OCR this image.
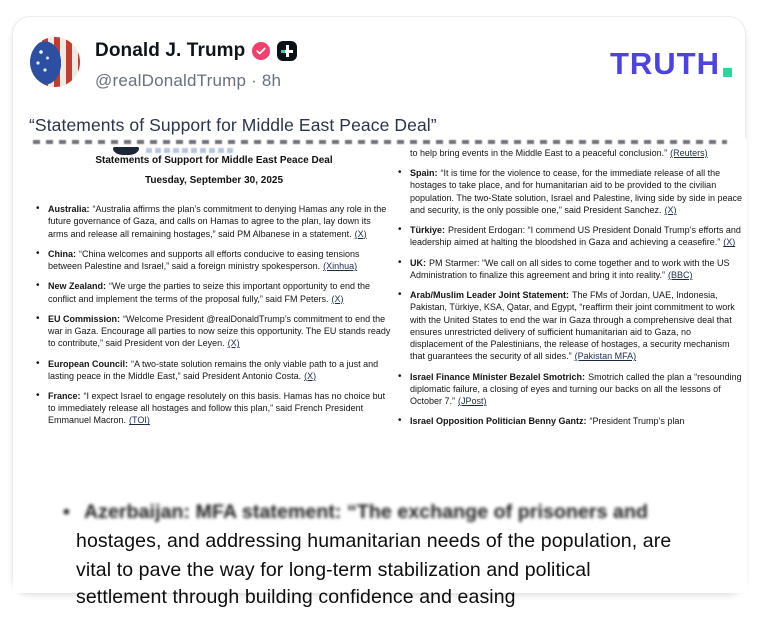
Donald J. Trump
@realDonaldTrump · 8h	TRUTH
“Statements of Support for Middle East Peace Deal”
Statements of Support for Middle East Peace Deal
Tuesday, September 30, 2025
• Australia: “Australia affirms the plan’s commitment to denying Hamas any role in the future governance of Gaza, and calls on Hamas to agree to the plan, lay down its arms and release all remaining hostages,” said PM Albanese in a statement. (X)
• China: “China welcomes and supports all efforts conducive to easing tensions between Palestine and Israel,” said a foreign ministry spokesperson. (Xinhua)
• New Zealand: “We urge the parties to seize this important opportunity to end the conflict and implement the terms of the proposal fully,” said FM Peters. (X)
• EU Commission: “Welcome President @realDonaldTrump’s commitment to end the war in Gaza. Encourage all parties to now seize this opportunity. The EU stands ready to contribute,” said President von der Leyen. (X)
• European Council: “A two-state solution remains the only viable path to a just and lasting peace in the Middle East,” said President Antonio Costa. (X)
• France: “I expect Israel to engage resolutely on this basis. Hamas has no choice but to immediately release all hostages and follow this plan,” said French President Emmanuel Macron. (TOI)
to help bring events in the Middle East to a peaceful conclusion.” (Reuters)
• Spain: “It is time for the violence to cease, for the immediate release of all the hostages to take place, and for humanitarian aid to be provided to the civilian population. The two-State solution, Israel and Palestine, living side by side in peace and security, is the only possible one,” said President Sanchez. (X)
• Türkiye: President Erdogan: “I commend US President Donald Trump’s efforts and leadership aimed at halting the bloodshed in Gaza and achieving a ceasefire.” (X)
• UK: PM Starmer: “We call on all sides to come together and to work with the US Administration to finalize this agreement and bring it into reality.” (BBC)
• Arab/Muslim Leader Joint Statement: The FMs of Jordan, UAE, Indonesia, Pakistan, Türkiye, KSA, Qatar, and Egypt, “reaffirm their joint commitment to work with the United States to end the war in Gaza through a comprehensive deal that ensures unrestricted delivery of sufficient humanitarian aid to Gaza, no displacement of the Palestinians, the release of hostages, a security mechanism that guarantees the security of all sides.” (Pakistan MFA)
• Israel Finance Minister Bezalel Smotrich: Smotrich called the plan a “resounding diplomatic failure, a closing of eyes and turning our backs on all the lessons of October 7.” (JPost)
• Israel Opposition Politician Benny Gantz: “President Trump’s plan
• Azerbaijan: MFA statement: “The exchange of prisoners and
hostages, and addressing humanitarian needs of the population, are
vital to pave the way for long-term stabilization and political
settlement through building confidence and easing
